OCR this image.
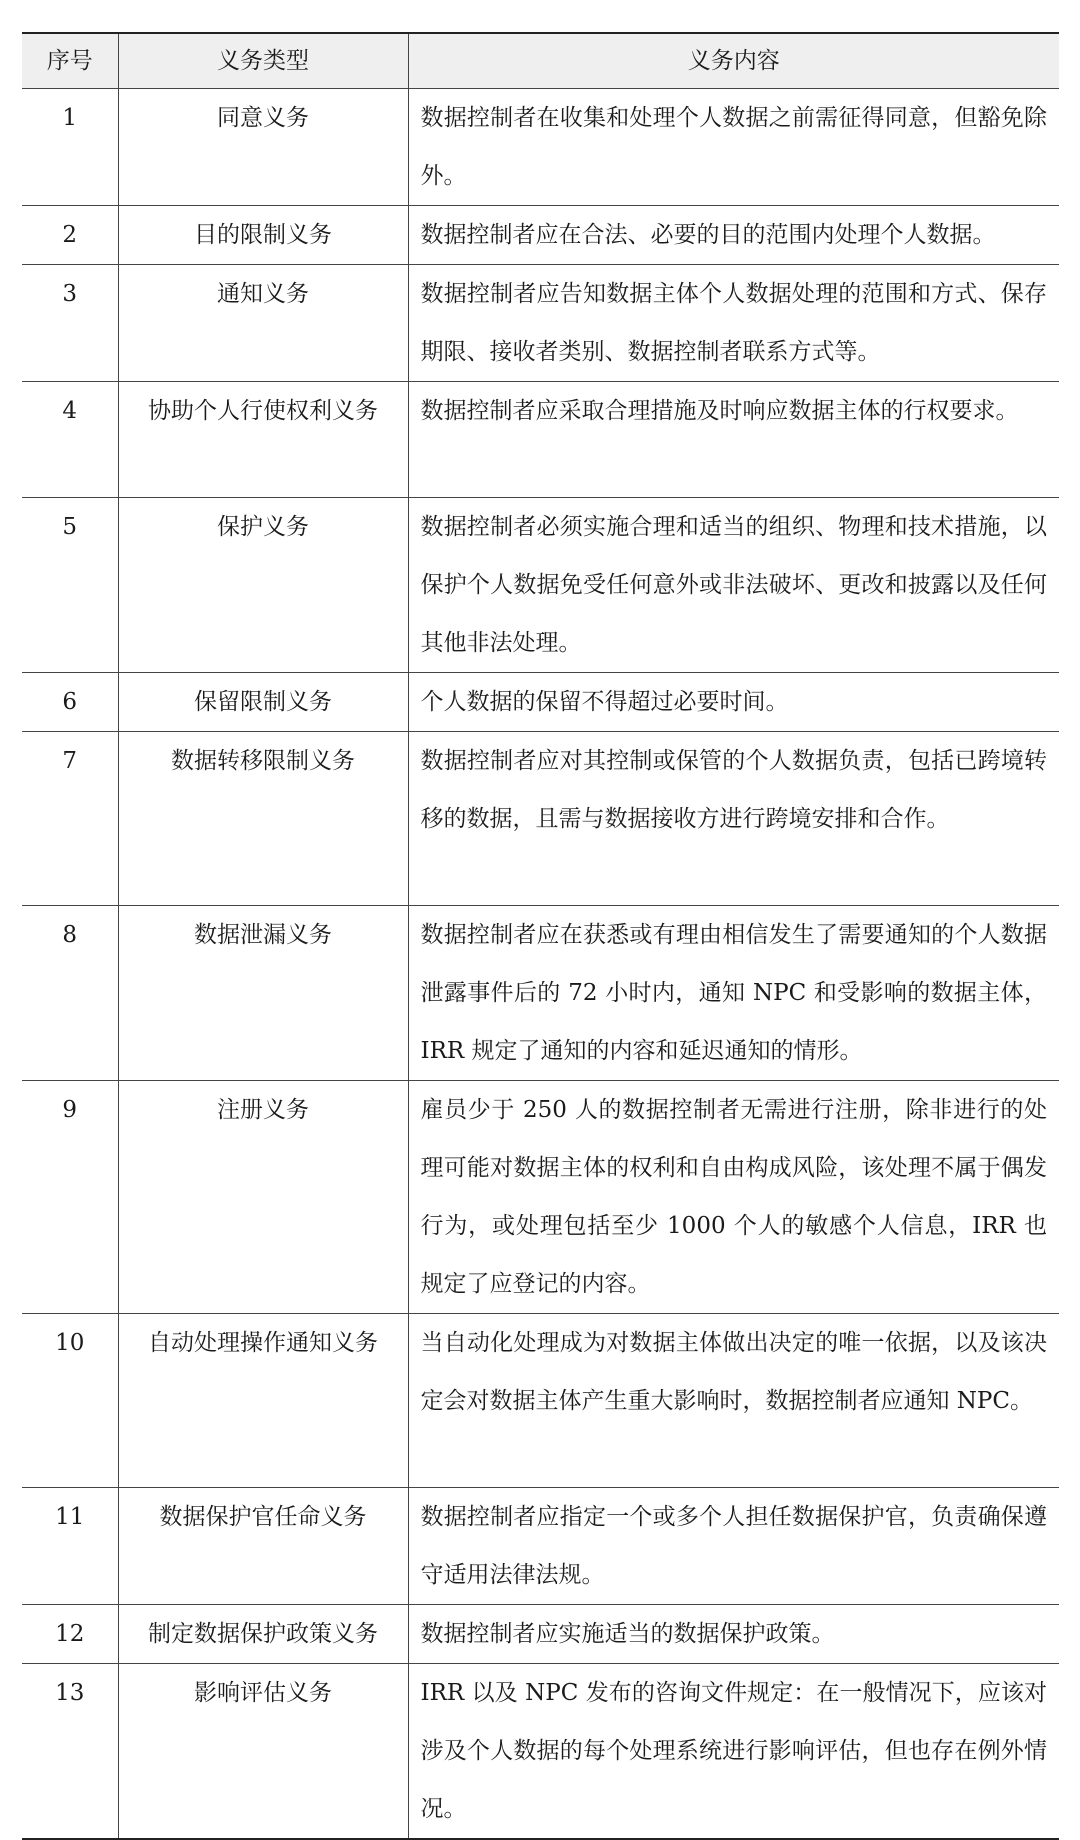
序号	义务类型	义务内容
1	同意义务	数据控制者在收集和处理个人数据之前需征得同意，但豁免除外。
2	目的限制义务	数据控制者应在合法、必要的目的范围内处理个人数据。
3	通知义务	数据控制者应告知数据主体个人数据处理的范围和方式、保存期限、接收者类别、数据控制者联系方式等。
4	协助个人行使权利义务	数据控制者应采取合理措施及时响应数据主体的行权要求。
5	保护义务	数据控制者必须实施合理和适当的组织、物理和技术措施，以保护个人数据免受任何意外或非法破坏、更改和披露以及任何其他非法处理。
6	保留限制义务	个人数据的保留不得超过必要时间。
7	数据转移限制义务	数据控制者应对其控制或保管的个人数据负责，包括已跨境转移的数据，且需与数据接收方进行跨境安排和合作。
8	数据泄漏义务	数据控制者应在获悉或有理由相信发生了需要通知的个人数据泄露事件后的 72 小时内，通知 NPC 和受影响的数据主体，IRR 规定了通知的内容和延迟通知的情形。
9	注册义务	雇员少于 250 人的数据控制者无需进行注册，除非进行的处理可能对数据主体的权利和自由构成风险，该处理不属于偶发行为，或处理包括至少 1000 个人的敏感个人信息，IRR 也规定了应登记的内容。
10	自动处理操作通知义务	当自动化处理成为对数据主体做出决定的唯一依据，以及该决定会对数据主体产生重大影响时，数据控制者应通知 NPC。
11	数据保护官任命义务	数据控制者应指定一个或多个人担任数据保护官，负责确保遵守适用法律法规。
12	制定数据保护政策义务	数据控制者应实施适当的数据保护政策。
13	影响评估义务	IRR 以及 NPC 发布的咨询文件规定：在一般情况下，应该对涉及个人数据的每个处理系统进行影响评估，但也存在例外情况。
